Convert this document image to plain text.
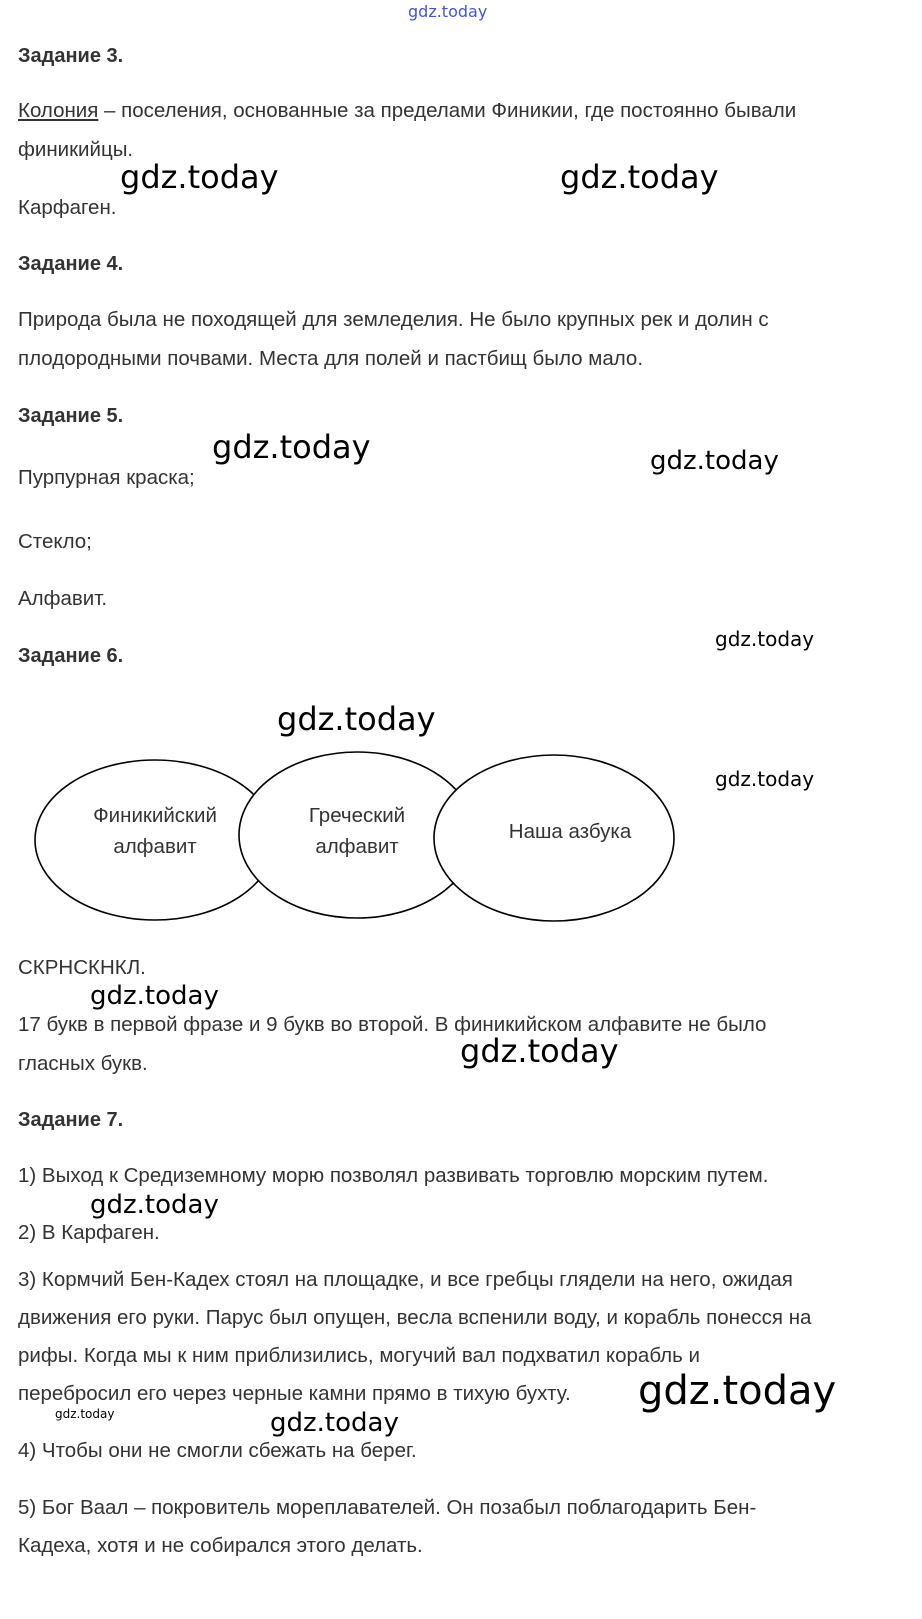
Финикийский
алфавит
Греческий
алфавит
Наша азбука
Задание 3.
Колония – поселения, основанные за пределами Финикии, где постоянно бывали
финикийцы.
Карфаген.
Задание 4.
Природа была не походящей для земледелия. Не было крупных рек и долин с
плодородными почвами. Места для полей и пастбищ было мало.
Задание 5.
Пурпурная краска;
Стекло;
Алфавит.
Задание 6.
СКРНСКНКЛ.
17 букв в первой фразе и 9 букв во второй. В финикийском алфавите не было
гласных букв.
Задание 7.
1) Выход к Средиземному морю позволял развивать торговлю морским путем.
2) В Карфаген.
3) Кормчий Бен-Кадех стоял на площадке, и все гребцы глядели на него, ожидая
движения его руки. Парус был опущен, весла вспенили воду, и корабль понесся на
рифы. Когда мы к ним приблизились, могучий вал подхватил корабль и
перебросил его через черные камни прямо в тихую бухту.
4) Чтобы они не смогли сбежать на берег.
5) Бог Ваал – покровитель мореплавателей. Он позабыл поблагодарить Бен-
Кадеха, хотя и не собирался этого делать.
gdz.today
gdz.today	gdz.today
gdz.today	gdz.today
gdz.today
gdz.today
gdz.today
gdz.today
gdz.today
gdz.today
gdz.today
gdz.today	gdz.today
